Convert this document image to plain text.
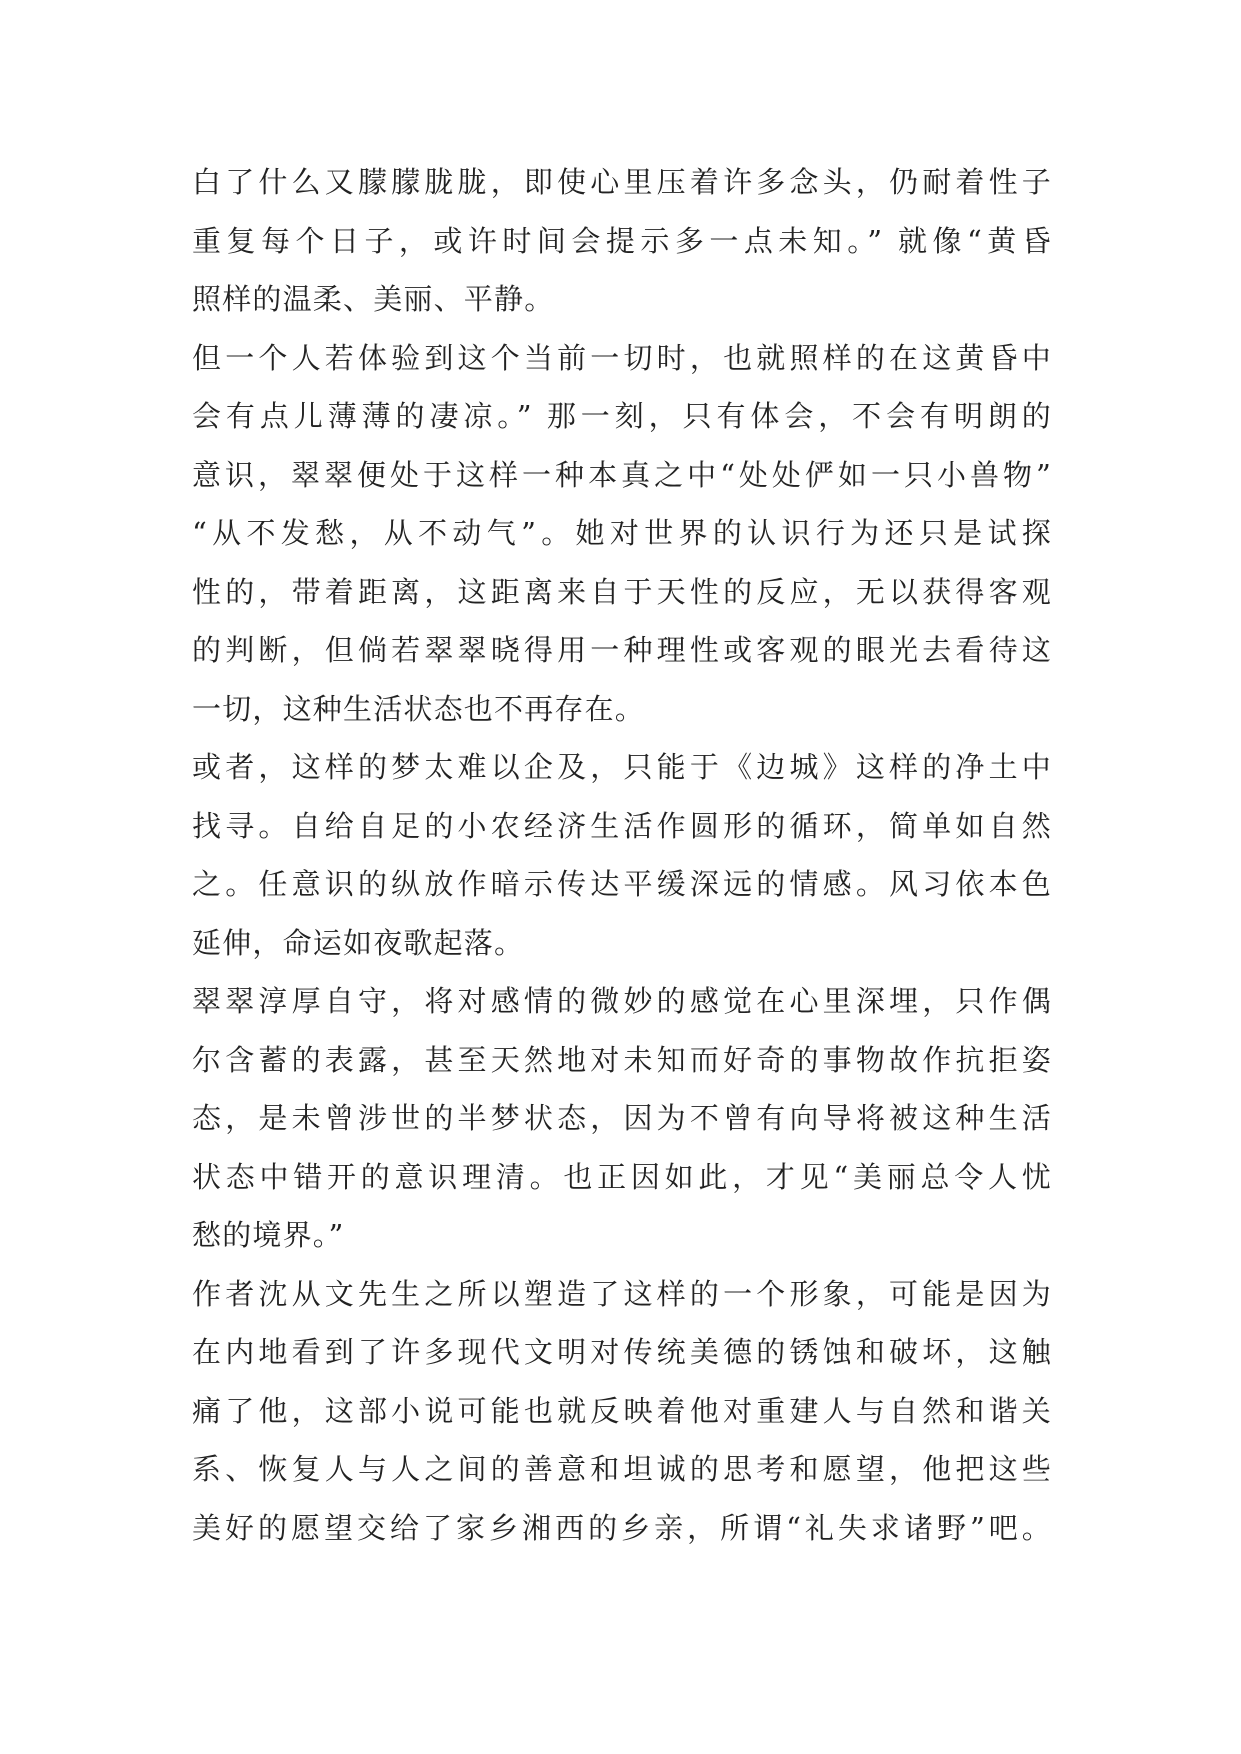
白了什么又朦朦胧胧，即使心里压着许多念头，仍耐着性子
重复每个日子，或许时间会提示多一点未知。” 就像“黄昏
照样的温柔、美丽、平静。
但一个人若体验到这个当前一切时，也就照样的在这黄昏中
会有点儿薄薄的凄凉。” 那一刻，只有体会，不会有明朗的
意识，翠翠便处于这样一种本真之中“处处俨如一只小兽物”
“从不发愁，从不动气”。她对世界的认识行为还只是试探
性的，带着距离，这距离来自于天性的反应，无以获得客观
的判断，但倘若翠翠晓得用一种理性或客观的眼光去看待这
一切，这种生活状态也不再存在。
或者，这样的梦太难以企及，只能于《边城》这样的净土中
找寻。自给自足的小农经济生活作圆形的循环，简单如自然
之。任意识的纵放作暗示传达平缓深远的情感。风习依本色
延伸，命运如夜歌起落。
翠翠淳厚自守，将对感情的微妙的感觉在心里深埋，只作偶
尔含蓄的表露，甚至天然地对未知而好奇的事物故作抗拒姿
态，是未曾涉世的半梦状态，因为不曾有向导将被这种生活
状态中错开的意识理清。也正因如此，才见“美丽总令人忧
愁的境界。”
作者沈从文先生之所以塑造了这样的一个形象，可能是因为
在内地看到了许多现代文明对传统美德的锈蚀和破坏，这触
痛了他，这部小说可能也就反映着他对重建人与自然和谐关
系、恢复人与人之间的善意和坦诚的思考和愿望，他把这些
美好的愿望交给了家乡湘西的乡亲，所谓“礼失求诸野”吧。
